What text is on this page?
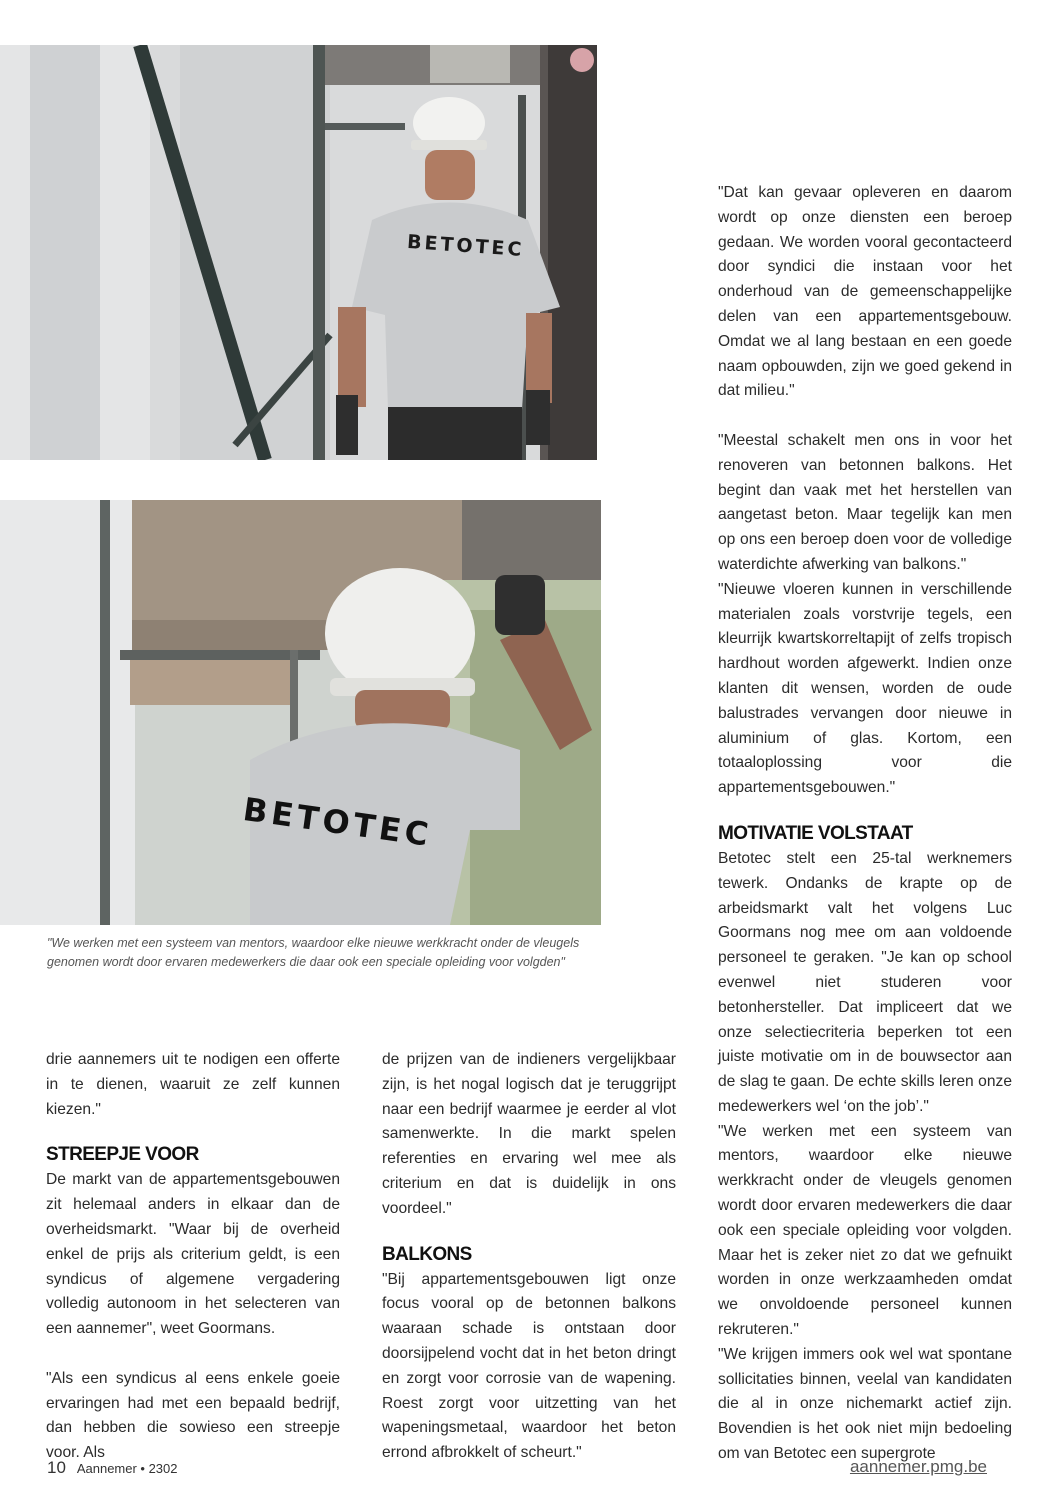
BETOTEC
BETOTEC
"We werken met een systeem van mentors, waardoor elke nieuwe werkkracht onder de vleugels genomen wordt door ervaren medewerkers die daar ook een speciale opleiding voor volgden"

drie aannemers uit te nodigen een offerte in te dienen, waaruit ze zelf kunnen kiezen."

STREEPJE VOOR

De markt van de appartementsgebouwen zit helemaal anders in elkaar dan de overheidsmarkt. "Waar bij de overheid enkel de prijs als criterium geldt, is een syndicus of algemene vergadering volledig autonoom in het selecteren van een aannemer", weet Goormans.

"Als een syndicus al eens enkele goeie ervaringen had met een bepaald bedrijf, dan hebben die sowieso een streepje voor. Als

de prijzen van de indieners vergelijkbaar zijn, is het nogal logisch dat je teruggrijpt naar een bedrijf waarmee je eerder al vlot samenwerkte. In die markt spelen referenties en ervaring wel mee als criterium en dat is duidelijk in ons voordeel."

BALKONS

"Bij appartementsgebouwen ligt onze focus vooral op de betonnen balkons waaraan schade is ontstaan door doorsijpelend vocht dat in het beton dringt en zorgt voor corrosie van de wapening. Roest zorgt voor uitzetting van het wapeningsmetaal, waardoor het beton errond afbrokkelt of scheurt."

"Dat kan gevaar opleveren en daarom wordt op onze diensten een beroep gedaan. We worden vooral gecontacteerd door syndici die instaan voor het onderhoud van de gemeenschappelijke delen van een appartementsgebouw. Omdat we al lang bestaan en een goede naam opbouwden, zijn we goed gekend in dat milieu."

"Meestal schakelt men ons in voor het renoveren van betonnen balkons. Het begint dan vaak met het herstellen van aangetast beton. Maar tegelijk kan men op ons een beroep doen voor de volledige waterdichte afwerking van balkons."

"Nieuwe vloeren kunnen in verschillende materialen zoals vorstvrije tegels, een kleurrijk kwartskorreltapijt of zelfs tropisch hardhout worden afgewerkt. Indien onze klanten dit wensen, worden de oude balustrades vervangen door nieuwe in aluminium of glas. Kortom, een totaaloplossing voor die appartementsgebouwen."

MOTIVATIE VOLSTAAT

Betotec stelt een 25-tal werknemers tewerk. Ondanks de krapte op de arbeidsmarkt valt het volgens Luc Goormans nog mee om aan voldoende personeel te geraken. "Je kan op school evenwel niet studeren voor betonhersteller. Dat impliceert dat we onze selectiecriteria beperken tot een juiste motivatie om in de bouwsector aan de slag te gaan. De echte skills leren onze medewerkers wel ‘on the job’."

"We werken met een systeem van mentors, waardoor elke nieuwe werkkracht onder de vleugels genomen wordt door ervaren medewerkers die daar ook een speciale opleiding voor volgden. Maar het is zeker niet zo dat we gefnuikt worden in onze werkzaamheden omdat we onvoldoende personeel kunnen rekruteren."

"We krijgen immers ook wel wat spontane sollicitaties binnen, veelal van kandidaten die al in onze nichemarkt actief zijn. Bovendien is het ook niet mijn bedoeling om van Betotec een supergrote

10 Aannemer • 2302	aannemer.pmg.be
